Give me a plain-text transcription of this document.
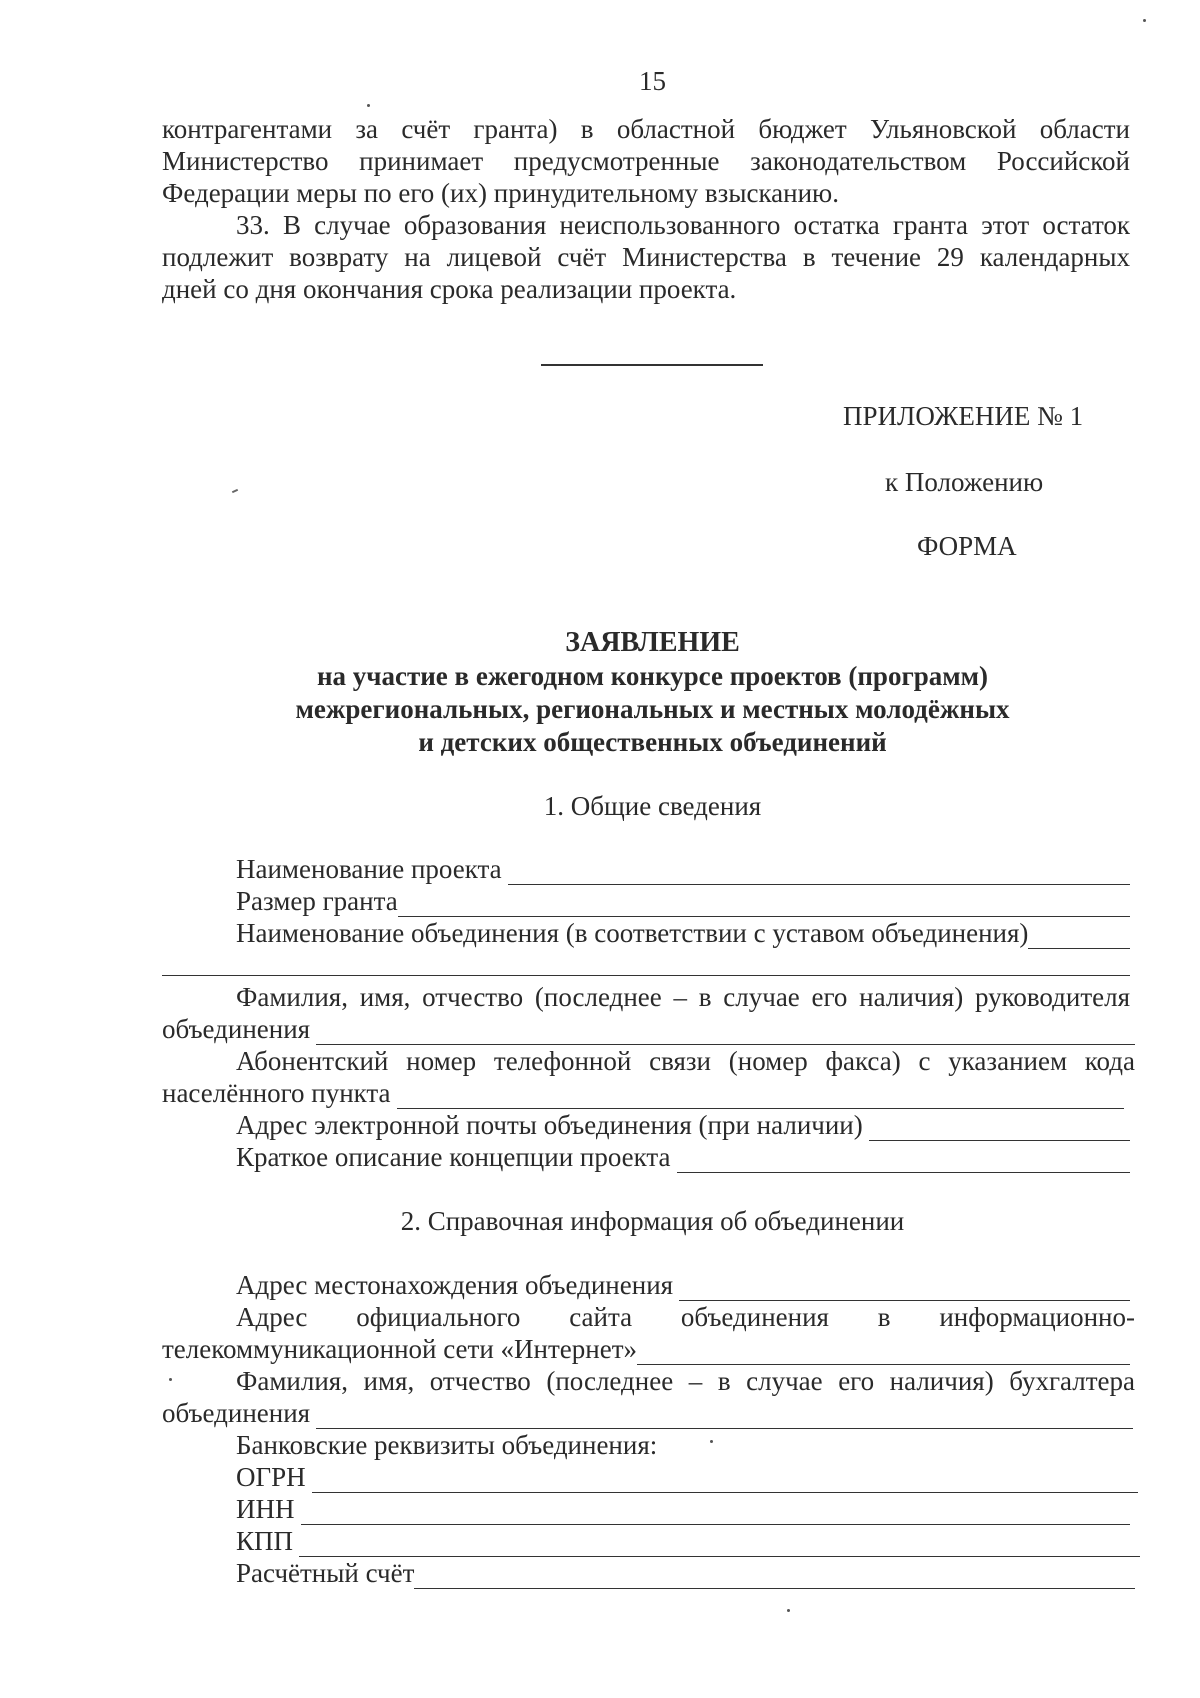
15
контрагентами за счёт гранта) в областной бюджет Ульяновской области
Министерство принимает предусмотренные законодательством Российской
Федерации меры по его (их) принудительному взысканию.
33. В случае образования неиспользованного остатка гранта этот остаток
подлежит возврату на лицевой счёт Министерства в течение 29 календарных
дней со дня окончания срока реализации проекта.
ПРИЛОЖЕНИЕ № 1
к Положению
ФОРМА
ЗАЯВЛЕНИЕ
на участие в ежегодном конкурсе проектов (программ)
межрегиональных, региональных и местных молодёжных
и детских общественных объединений
1. Общие сведения
Наименование проекта
Размер гранта
Наименование объединения (в соответствии с уставом объединения)
Фамилия, имя, отчество (последнее – в случае его наличия) руководителя
объединения
Абонентский номер телефонной связи (номер факса) с указанием кода
населённого пункта
Адрес электронной почты объединения (при наличии)
Краткое описание концепции проекта
2. Справочная информация об объединении
Адрес местонахождения объединения
Адрес официального сайта объединения в информационно-
телекоммуникационной сети «Интернет»
Фамилия, имя, отчество (последнее – в случае его наличия) бухгалтера
объединения
Банковские реквизиты объединения:
ОГРН
ИНН
КПП
Расчётный счёт
